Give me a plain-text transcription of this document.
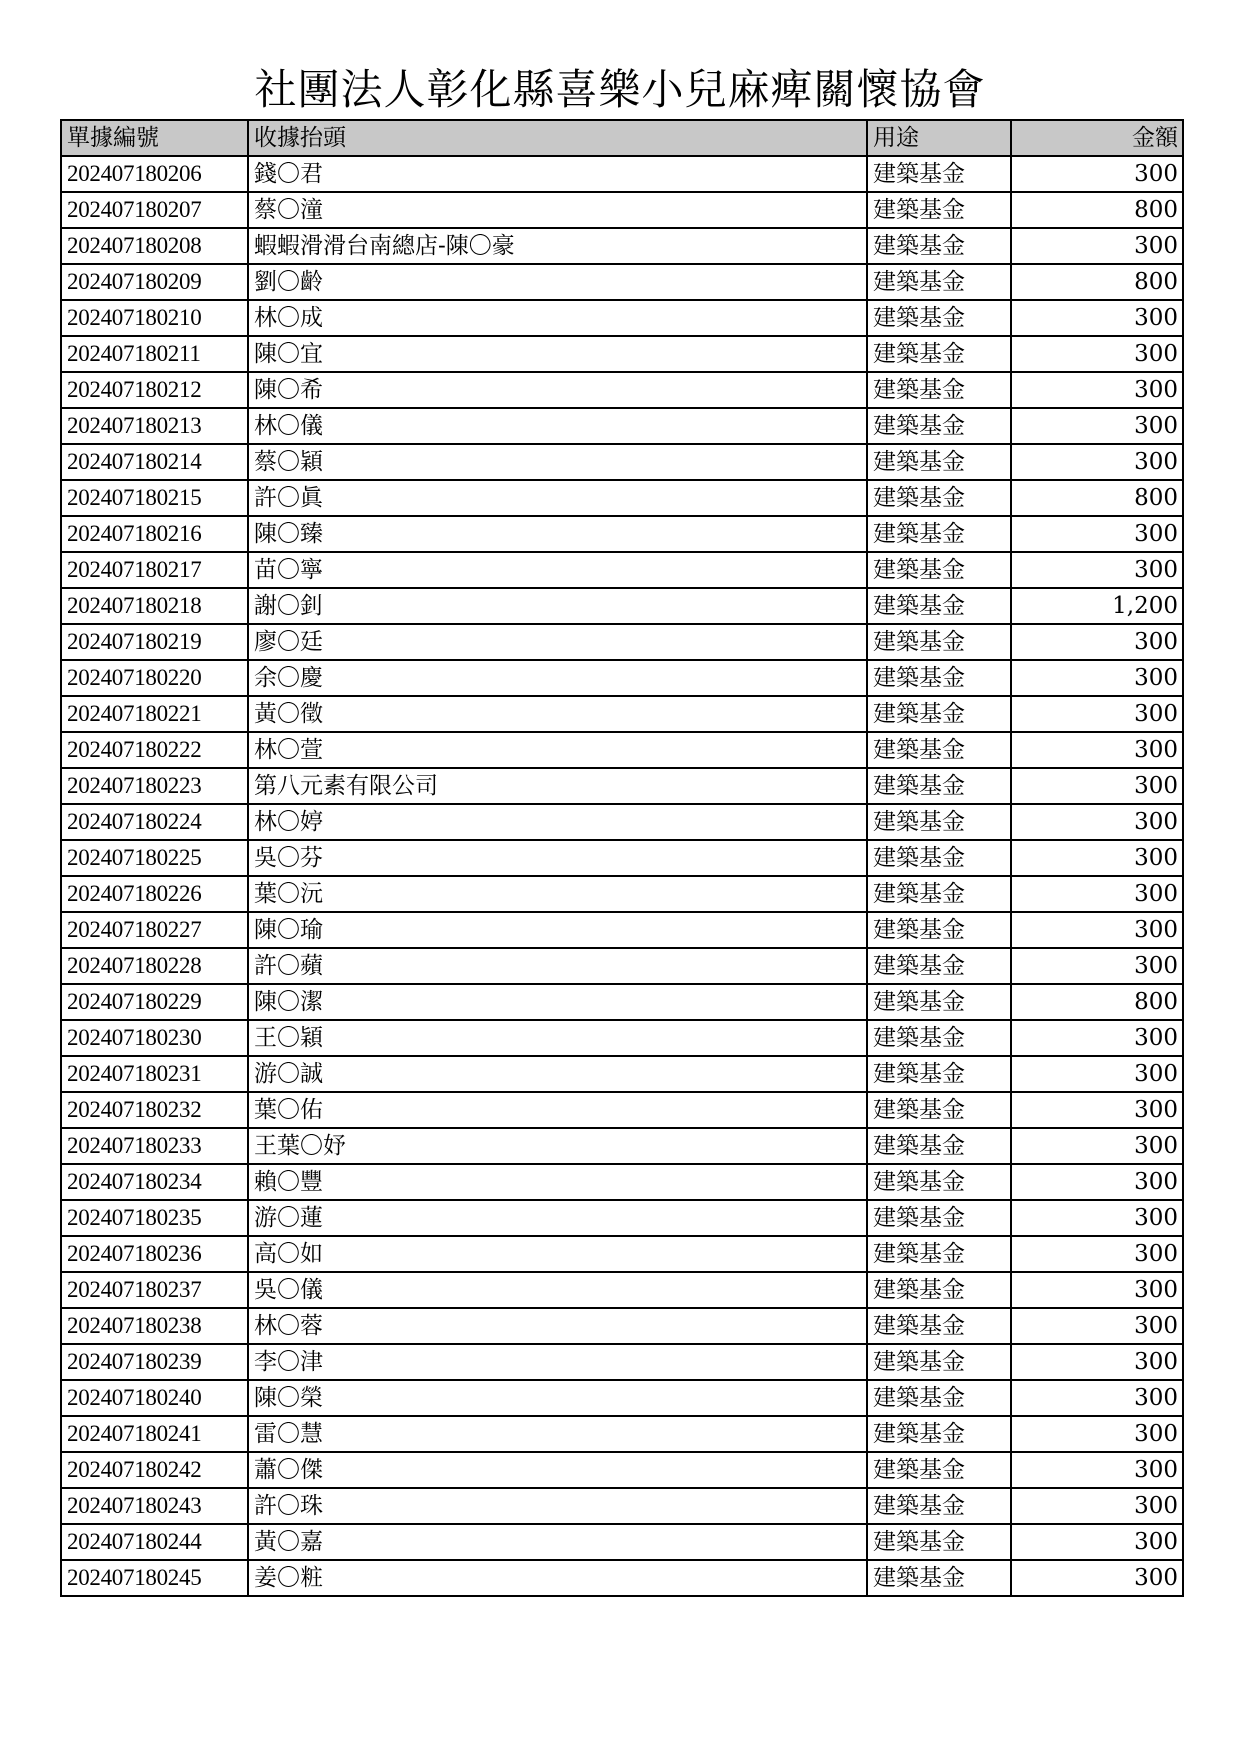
社團法人彰化縣喜樂小兒麻痺關懷協會
單據編號	收據抬頭	用途	金額
202407180206	錢〇君	建築基金	300
202407180207	蔡〇潼	建築基金	800
202407180208	蝦蝦滑滑台南總店-陳〇豪	建築基金	300
202407180209	劉〇齡	建築基金	800
202407180210	林〇成	建築基金	300
202407180211	陳〇宜	建築基金	300
202407180212	陳〇希	建築基金	300
202407180213	林〇儀	建築基金	300
202407180214	蔡〇穎	建築基金	300
202407180215	許〇眞	建築基金	800
202407180216	陳〇臻	建築基金	300
202407180217	苗〇寧	建築基金	300
202407180218	謝〇釗	建築基金	1,200
202407180219	廖〇廷	建築基金	300
202407180220	余〇慶	建築基金	300
202407180221	黃〇徵	建築基金	300
202407180222	林〇萱	建築基金	300
202407180223	第八元素有限公司	建築基金	300
202407180224	林〇婷	建築基金	300
202407180225	吳〇芬	建築基金	300
202407180226	葉〇沅	建築基金	300
202407180227	陳〇瑜	建築基金	300
202407180228	許〇蘋	建築基金	300
202407180229	陳〇潔	建築基金	800
202407180230	王〇穎	建築基金	300
202407180231	游〇誠	建築基金	300
202407180232	葉〇佑	建築基金	300
202407180233	王葉〇妤	建築基金	300
202407180234	賴〇豐	建築基金	300
202407180235	游〇蓮	建築基金	300
202407180236	高〇如	建築基金	300
202407180237	吳〇儀	建築基金	300
202407180238	林〇蓉	建築基金	300
202407180239	李〇津	建築基金	300
202407180240	陳〇榮	建築基金	300
202407180241	雷〇慧	建築基金	300
202407180242	蕭〇傑	建築基金	300
202407180243	許〇珠	建築基金	300
202407180244	黃〇嘉	建築基金	300
202407180245	姜〇粧	建築基金	300
